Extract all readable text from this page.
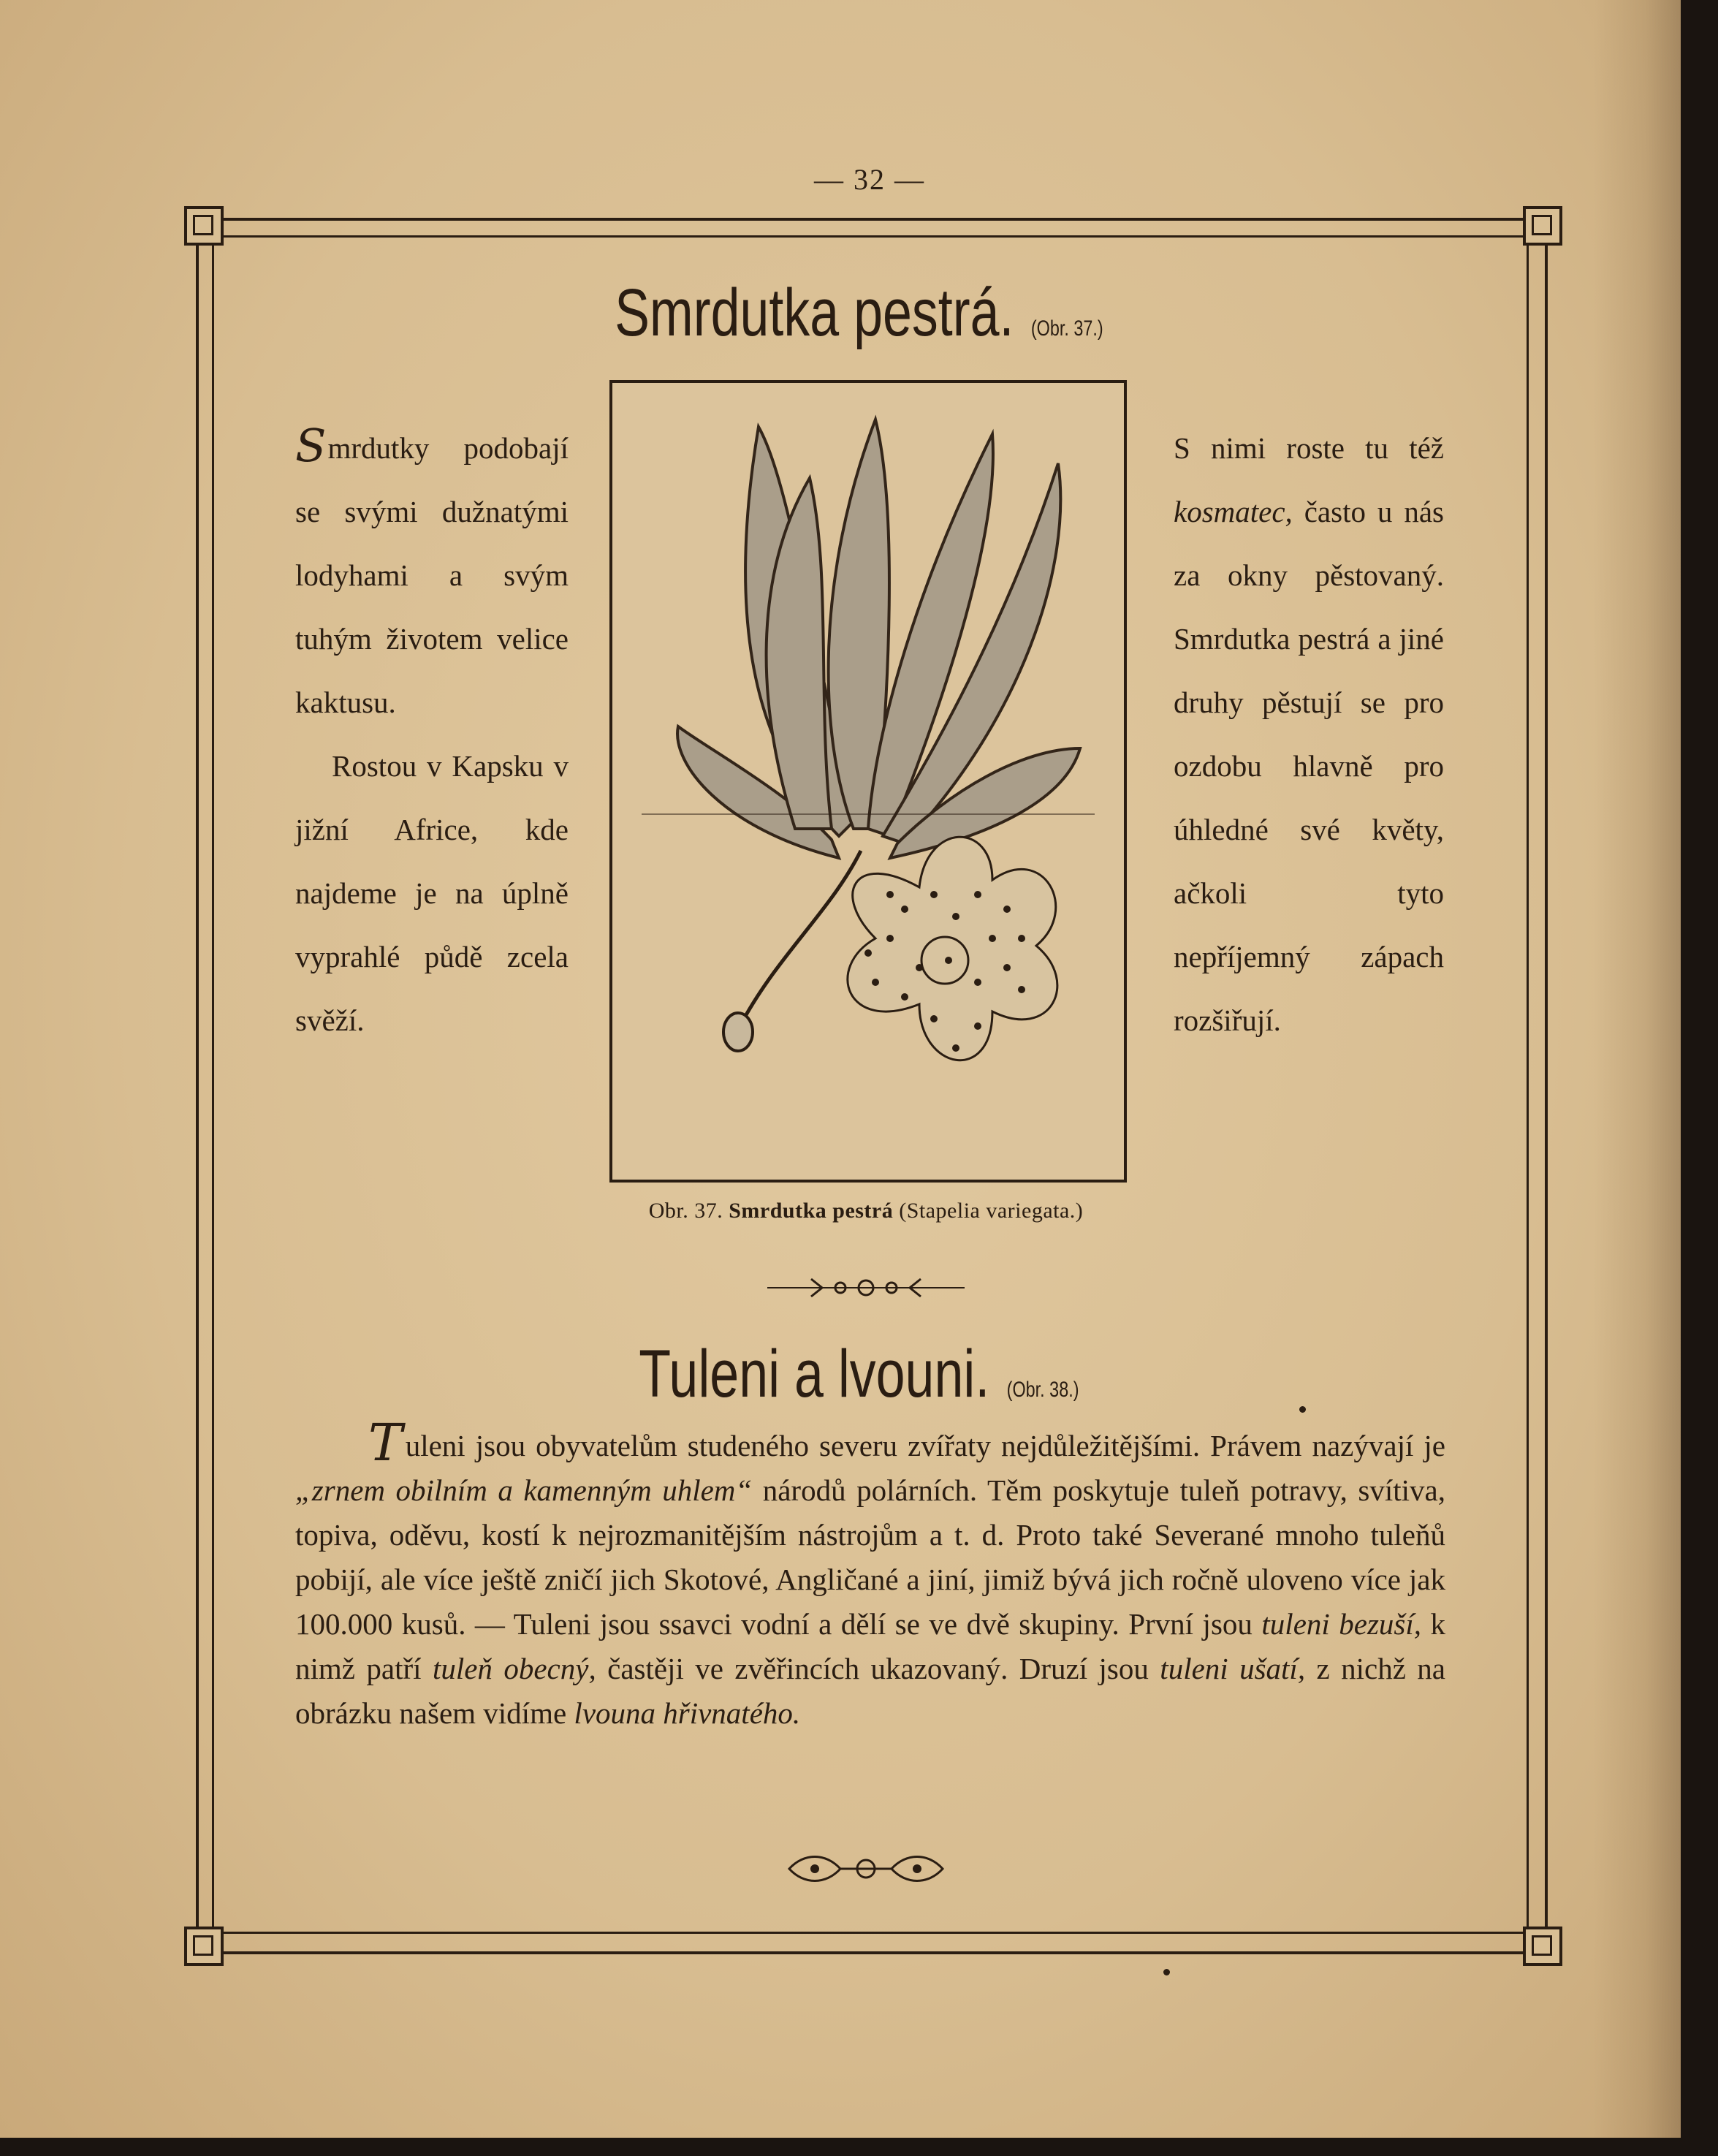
— 32 —
Smrdutka pestrá. (Obr. 37.)

Smrdutky podobají se svými dužnatými lodyhami a svým tuhým životem velice kaktusu.

Rostou v Kapsku v jižní Africe, kde najdeme je na úplně vyprahlé půdě zcela svěží.

S nimi roste tu též kosmatec, často u nás za okny pěstovaný. Smrdutka pestrá a jiné druhy pěstují se pro ozdobu hlavně pro úhledné své květy, ačkoli tyto nepříjemný zápach rozšiřují.

Obr. 37. Smrdutka pestrá (Stapelia variegata.)
Tuleni a lvouni. (Obr. 38.)

Tuleni jsou obyvatelům studeného severu zvířaty nejdůležitějšími. Právem nazývají je „zrnem obilním a kamenným uhlem“ národů polárních. Těm poskytuje tuleň potravy, svítiva, topiva, oděvu, kostí k nejrozmanitějším nástrojům a t. d. Proto také Severané mnoho tuleňů pobijí, ale více ještě zničí jich Skotové, Angličané a jiní, jimiž bývá jich ročně uloveno více jak 100.000 kusů. — Tuleni jsou ssavci vodní a dělí se ve dvě skupiny. První jsou tuleni bezuší, k nimž patří tuleň obecný, častěji ve zvěřincích ukazovaný. Druzí jsou tuleni ušatí, z nichž na obrázku našem vidíme lvouna hřivnatého.
